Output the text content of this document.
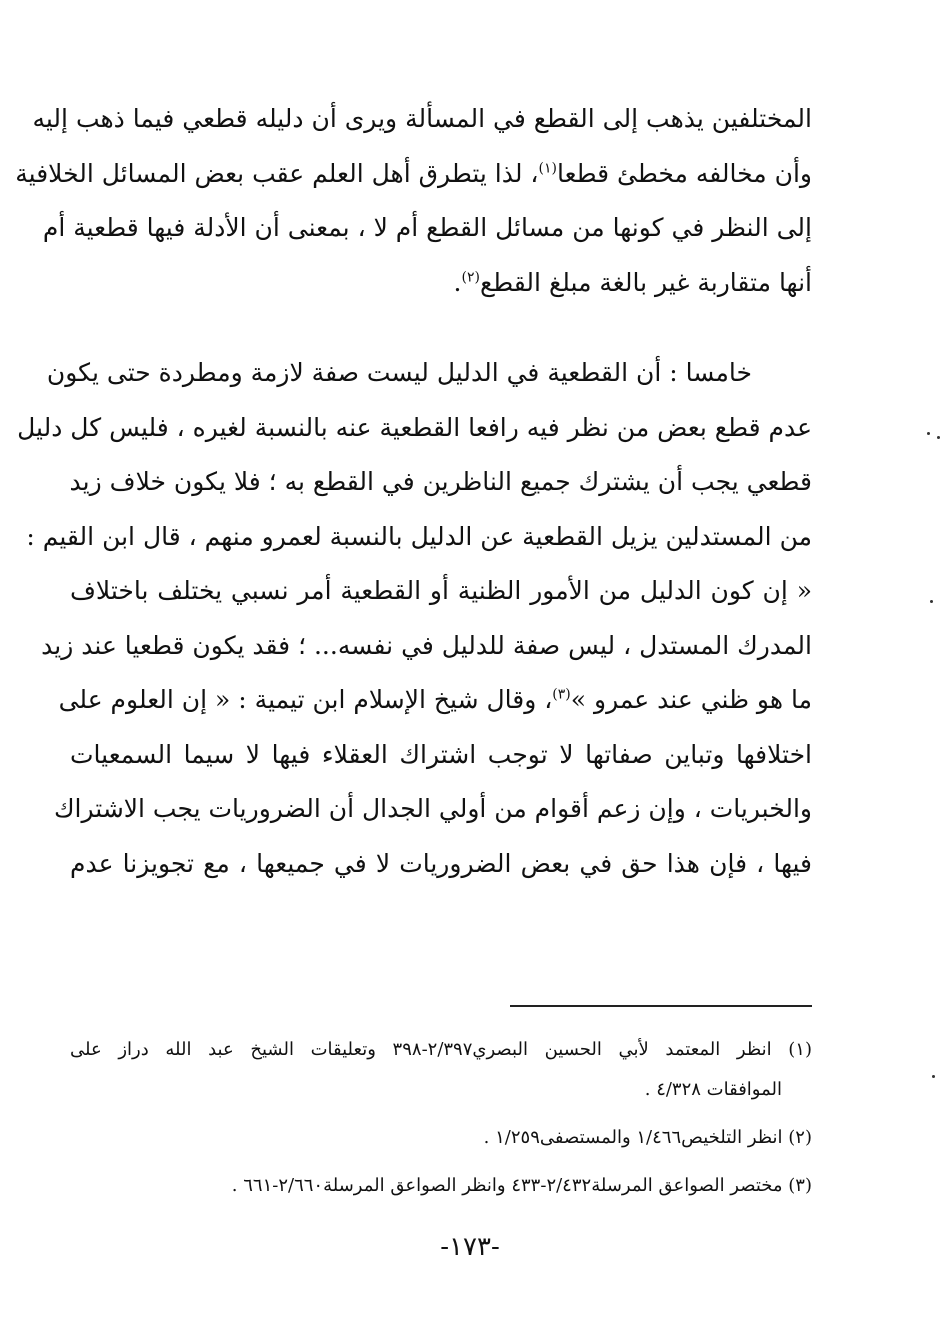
المختلفين يذهب إلى القطع في المسألة ويرى أن دليله قطعي فيما ذهب إليه
وأن مخالفه مخطئ قطعا$^{(١)}$، لذا يتطرق أهل العلم عقب بعض المسائل الخلافية
إلى النظر في كونها من مسائل القطع أم لا ، بمعنى أن الأدلة فيها قطعية أم
أنها متقاربة غير بالغة مبلغ القطع$^{(٢)}$.
خامسا : أن القطعية في الدليل ليست صفة لازمة ومطردة حتى يكون
عدم قطع بعض من نظر فيه رافعا القطعية عنه بالنسبة لغيره ، فليس كل دليل
قطعي يجب أن يشترك جميع الناظرين في القطع به ؛ فلا يكون خلاف زيد
من المستدلين يزيل القطعية عن الدليل بالنسبة لعمرو منهم ، قال ابن القيم :
« إن كون الدليل من الأمور الظنية أو القطعية أمر نسبي يختلف باختلاف
المدرك المستدل ، ليس صفة للدليل في نفسه... ؛ فقد يكون قطعيا عند زيد
ما هو ظني عند عمرو »$^{(٣)}$، وقال شيخ الإسلام ابن تيمية : « إن العلوم على
اختلافها وتباين صفاتها لا توجب اشتراك العقلاء فيها لا سيما السمعيات
والخبريات ، وإن زعم أقوام من أولي الجدال أن الضروريات يجب الاشتراك
فيها ، فإن هذا حق في بعض الضروريات لا في جميعها ، مع تجويزنا عدم
(١) انظر المعتمد لأبي الحسين البصري٢/٣٩٧-٣٩٨ وتعليقات الشيخ عبد الله دراز على
الموافقات ٤/٣٢٨ .
(٢) انظر التلخيص١/٤٦٦ والمستصفى١/٢٥٩ .
(٣) مختصر الصواعق المرسلة٢/٤٣٢-٤٣٣ وانظر الصواعق المرسلة٢/٦٦٠-٦٦١ .
-١٧٣-
